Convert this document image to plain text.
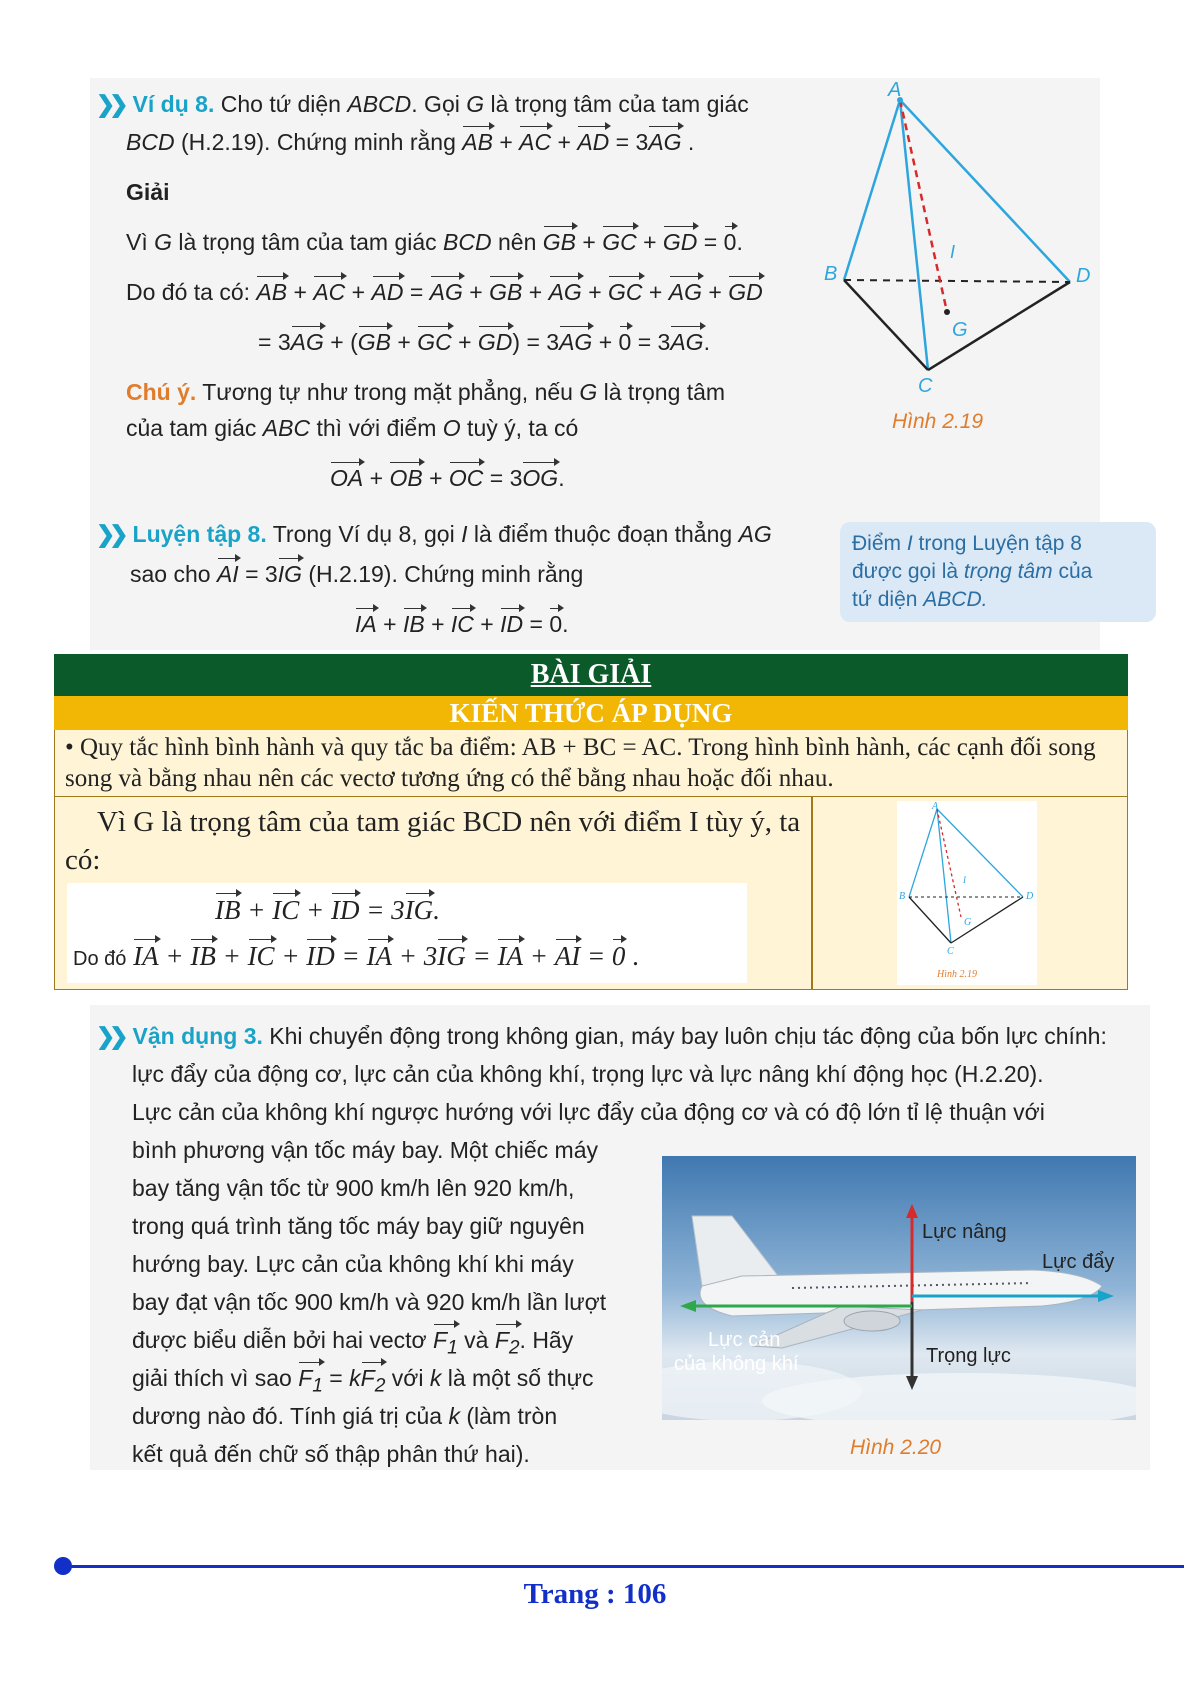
❯❯ Ví dụ 8. Cho tứ diện ABCD. Gọi G là trọng tâm của tam giác
BCD (H.2.19). Chứng minh rằng AB + AC + AD = 3AG .
Giải
Vì G là trọng tâm của tam giác BCD nên GB + GC + GD = 0.
Do đó ta có: AB + AC + AD = AG + GB + AG + GC + AG + GD
= 3AG + (GB + GC + GD) = 3AG + 0 = 3AG.
Chú ý. Tương tự như trong mặt phẳng, nếu G là trọng tâm
của tam giác ABC thì với điểm O tuỳ ý, ta có
OA + OB + OC = 3OG.
A
B	D
C
G
I
Hình 2.19
❯❯ Luyện tập 8. Trong Ví dụ 8, gọi I là điểm thuộc đoạn thẳng AG
sao cho AI = 3IG (H.2.19). Chứng minh rằng
IA + IB + IC + ID = 0.
Điểm I trong Luyện tập 8
được gọi là trọng tâm của
tứ diện ABCD.
BÀI GIẢI
KIẾN THỨC ÁP DỤNG
• Quy tắc hình bình hành và quy tắc ba điểm: AB + BC = AC. Trong hình bình hành, các cạnh đối song song và bằng nhau nên các vectơ tương ứng có thể bằng nhau hoặc đối nhau.
Vì G là trọng tâm của tam giác BCD nên với điểm I tùy ý, ta có:
IB + IC + ID = 3IG.
Do đó IA + IB + IC + ID = IA + 3IG = IA + AI = 0 .
A
B	D
C
G
I
Hình 2.19
❯❯ Vận dụng 3. Khi chuyển động trong không gian, máy bay luôn chịu tác động của bốn lực chính:
lực đẩy của động cơ, lực cản của không khí, trọng lực và lực nâng khí động học (H.2.20).
Lực cản của không khí ngược hướng với lực đẩy của động cơ và có độ lớn tỉ lệ thuận với
bình phương vận tốc máy bay. Một chiếc máy
bay tăng vận tốc từ 900 km/h lên 920 km/h,
trong quá trình tăng tốc máy bay giữ nguyên
hướng bay. Lực cản của không khí khi máy
bay đạt vận tốc 900 km/h và 920 km/h lần lượt
được biểu diễn bởi hai vectơ $F_1$ và $F_2$. Hãy
giải thích vì sao $F_1 = kF_2$ với k là một số thực
dương nào đó. Tính giá trị của k (làm tròn
kết quả đến chữ số thập phân thứ hai).
Lực nâng
Lực đẩy
Lực cản
của không khí	Trọng lực
Hình 2.20
Trang : 106
